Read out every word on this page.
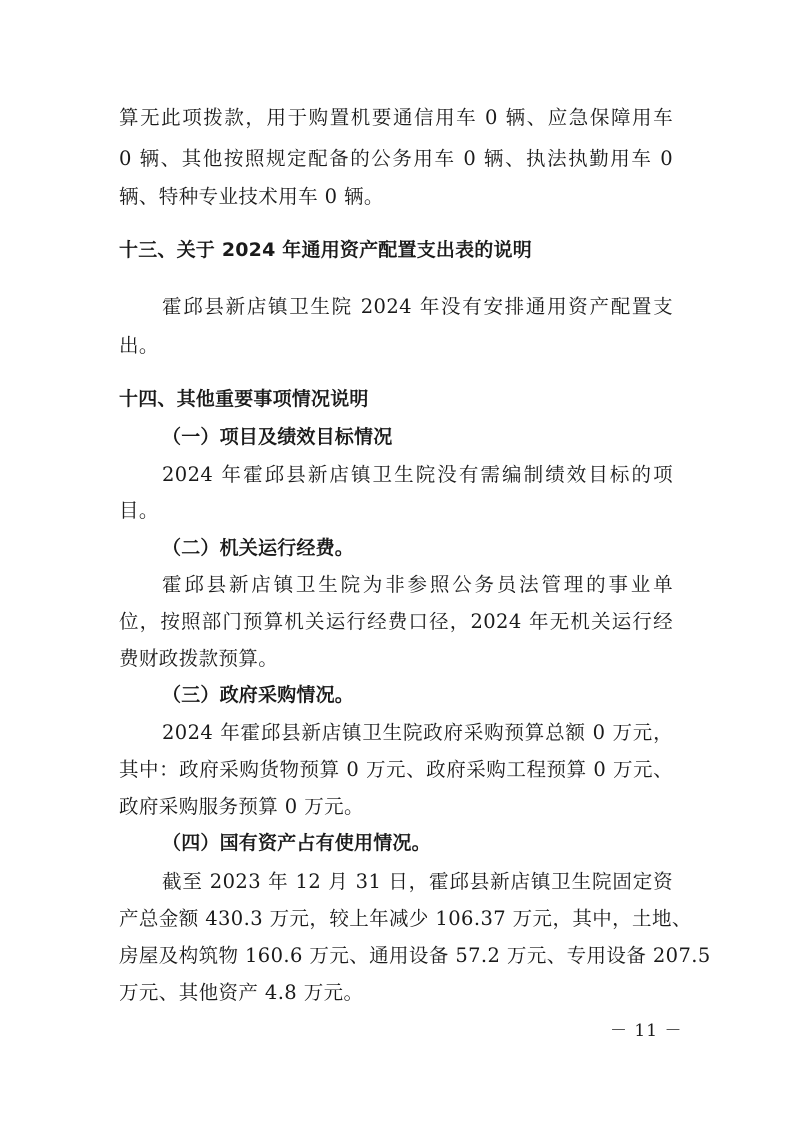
算无此项拨款，用于购置机要通信用车 0 辆、应急保障用车
0 辆、其他按照规定配备的公务用车 0 辆、执法执勤用车 0
辆、特种专业技术用车 0 辆。
十三、关于 2024 年通用资产配置支出表的说明
霍邱县新店镇卫生院 2024 年没有安排通用资产配置支
出。
十四、其他重要事项情况说明
（一）项目及绩效目标情况
2024 年霍邱县新店镇卫生院没有需编制绩效目标的项
目。
（二）机关运行经费。
霍邱县新店镇卫生院为非参照公务员法管理的事业单
位，按照部门预算机关运行经费口径，2024 年无机关运行经
费财政拨款预算。
（三）政府采购情况。
2024 年霍邱县新店镇卫生院政府采购预算总额 0 万元，
其中：政府采购货物预算 0 万元、政府采购工程预算 0 万元、
政府采购服务预算 0 万元。
（四）国有资产占有使用情况。
截至 2023 年 12 月 31 日，霍邱县新店镇卫生院固定资
产总金额 430.3 万元，较上年减少 106.37 万元，其中，土地、
房屋及构筑物 160.6 万元、通用设备 57.2 万元、专用设备 207.5
万元、其他资产 4.8 万元。
－ 11 －
